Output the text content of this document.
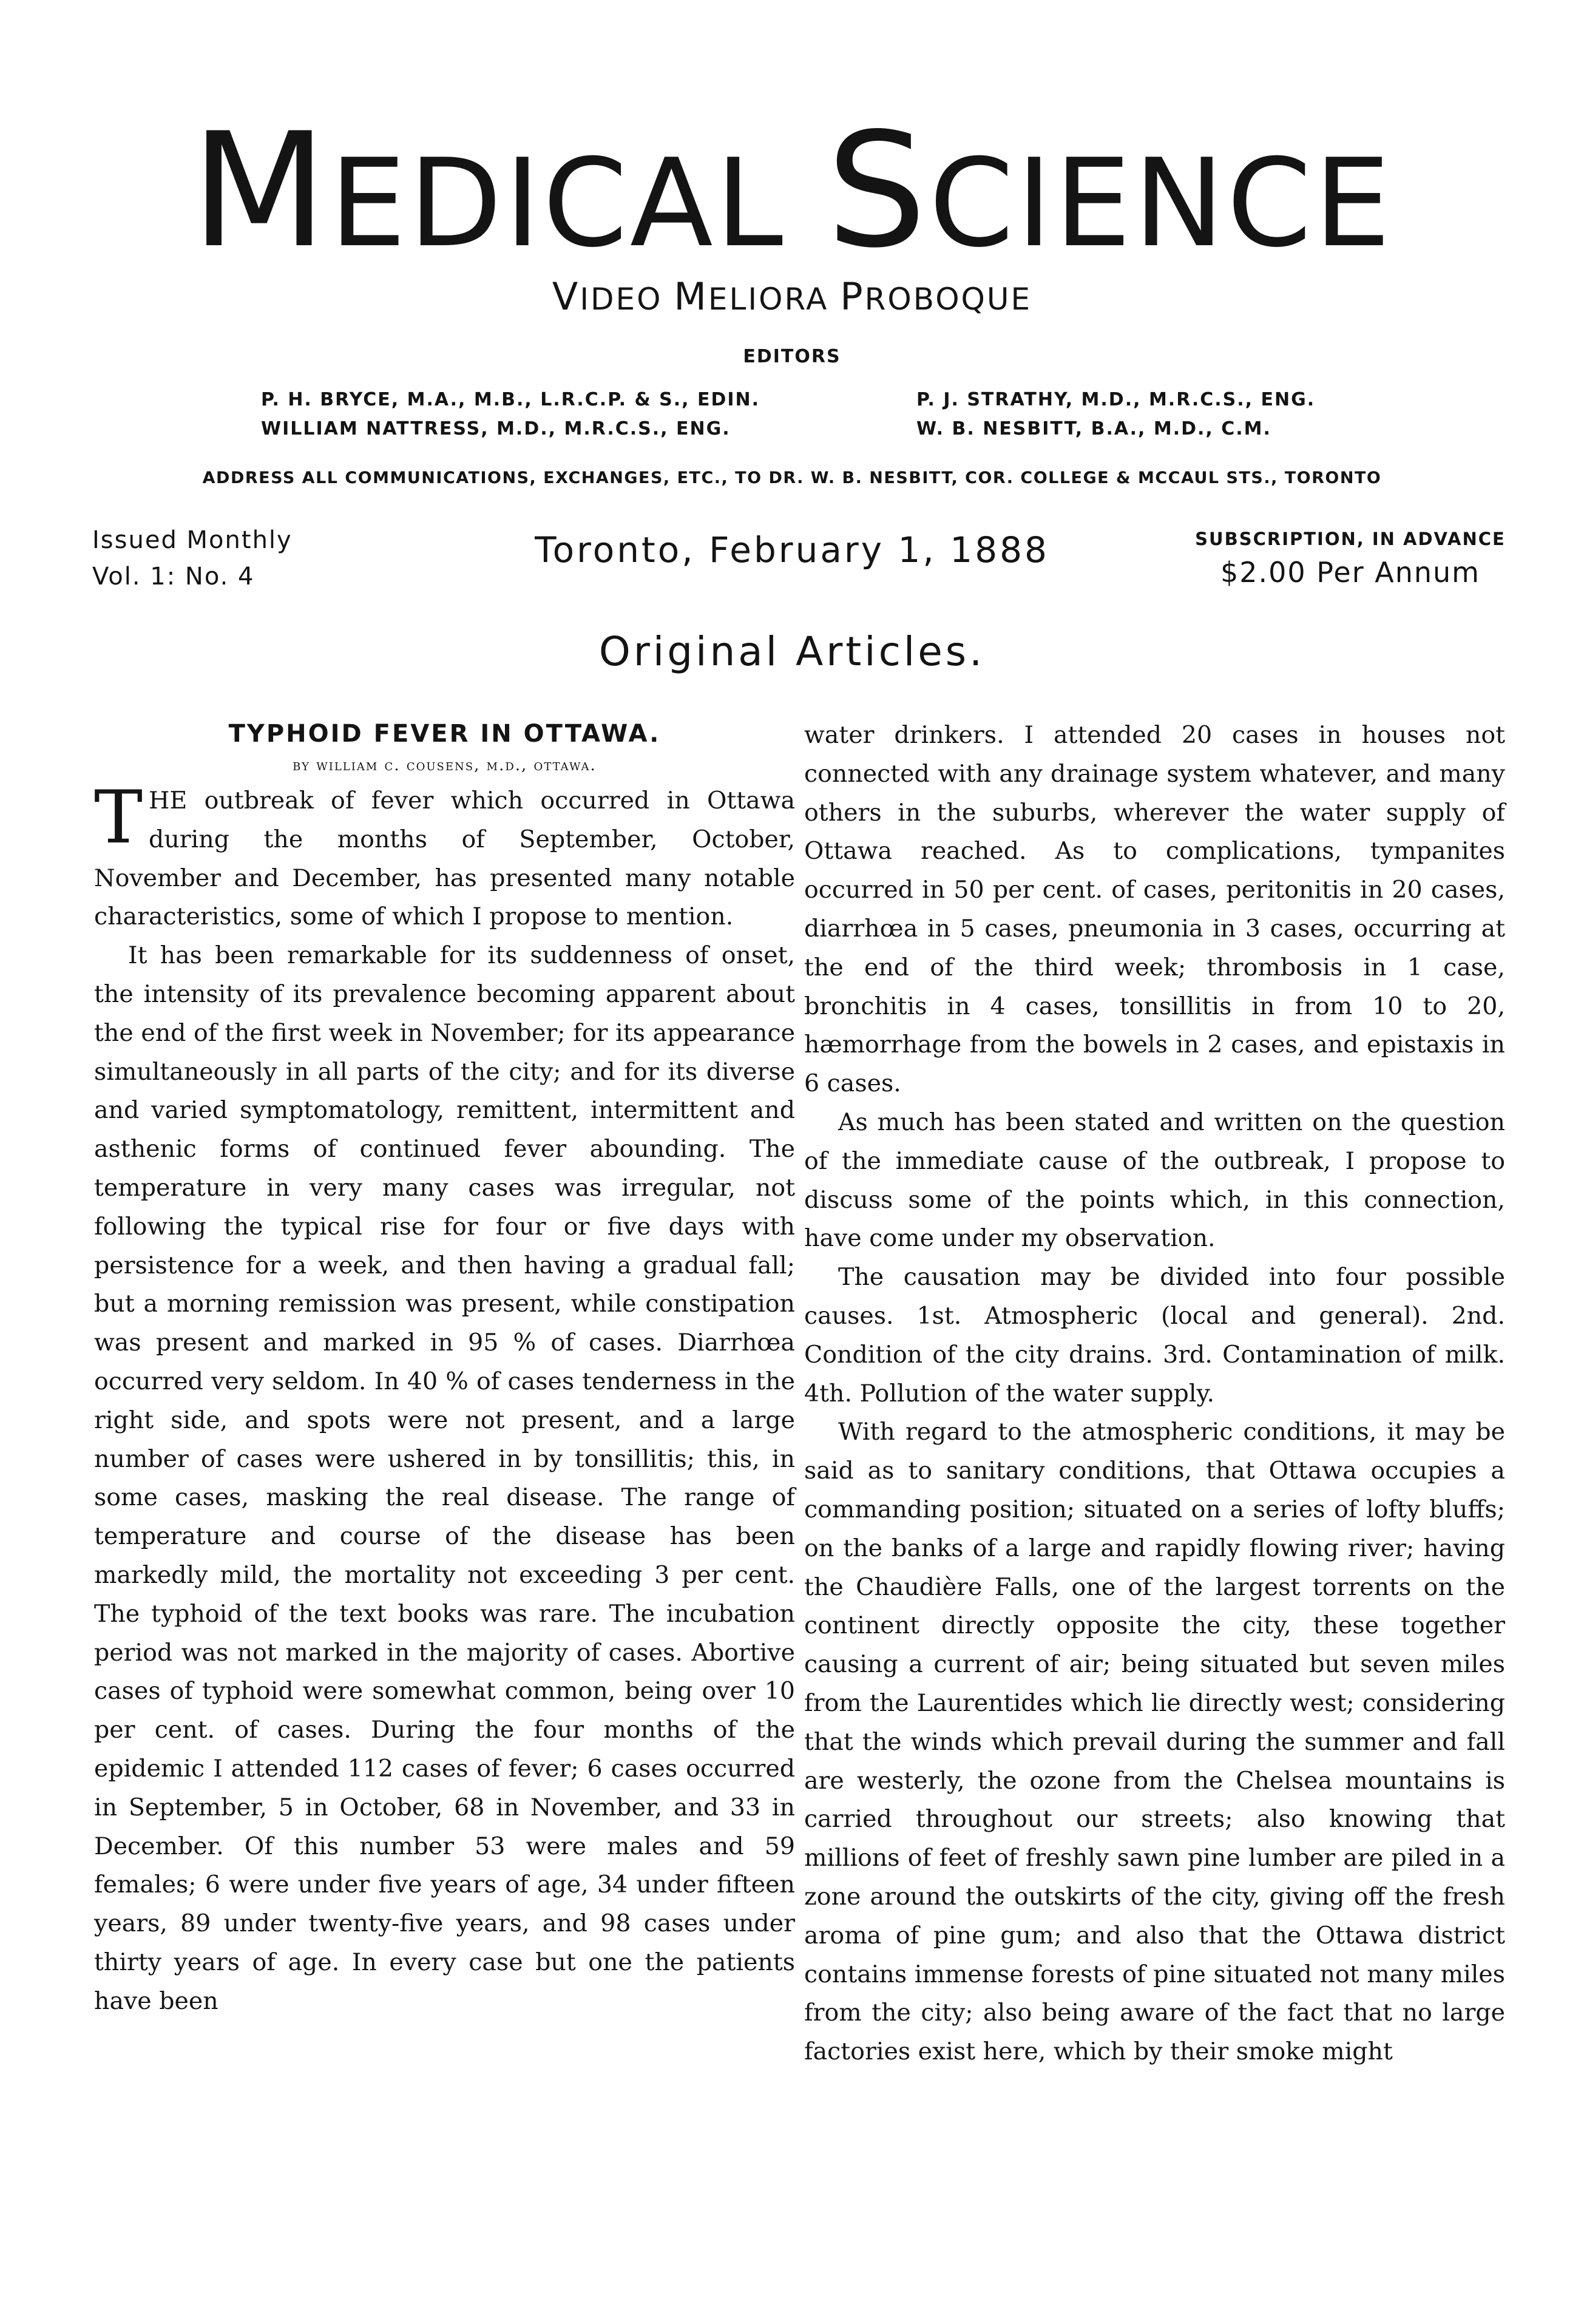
MEDICAL SCIENCE
VIDEO MELIORA PROBOQUE
EDITORS
P. H. BRYCE, M.A., M.B., L.R.C.P. & S., EDIN.
WILLIAM NATTRESS, M.D., M.R.C.S., ENG.
P. J. STRATHY, M.D., M.R.C.S., ENG.
W. B. NESBITT, B.A., M.D., C.M.
ADDRESS ALL COMMUNICATIONS, EXCHANGES, ETC., TO DR. W. B. NESBITT, COR. COLLEGE & MCCAUL STS., TORONTO
Issued Monthly
Vol. 1: No. 4
Toronto, February 1, 1888	SUBSCRIPTION, IN ADVANCE
$2.00 Per Annum
Original Articles.
TYPHOID FEVER IN OTTAWA.
by william c. cousens, m.d., ottawa.

THE outbreak of fever which occurred in Ottawa during the months of September, October, November and December, has presented many notable characteristics, some of which I propose to mention.

It has been remarkable for its suddenness of onset, the intensity of its prevalence becoming apparent about the end of the first week in November; for its appearance simultaneously in all parts of the city; and for its diverse and varied symptomatology, remittent, intermittent and asthenic forms of continued fever abounding. The temperature in very many cases was irregular, not following the typical rise for four or five days with persistence for a week, and then having a gradual fall; but a morning remission was present, while constipation was present and marked in 95 % of cases. Diarrhœa occurred very seldom. In 40 % of cases tenderness in the right side, and spots were not present, and a large number of cases were ushered in by tonsillitis; this, in some cases, masking the real disease. The range of temperature and course of the disease has been markedly mild, the mortality not exceeding 3 per cent. The typhoid of the text books was rare. The incubation period was not marked in the majority of cases. Abortive cases of typhoid were somewhat common, being over 10 per cent. of cases. During the four months of the epidemic I attended 112 cases of fever; 6 cases occurred in September, 5 in October, 68 in November, and 33 in December. Of this number 53 were males and 59 females; 6 were under five years of age, 34 under fifteen years, 89 under twenty-five years, and 98 cases under thirty years of age. In every case but one the patients have been

water drinkers. I attended 20 cases in houses not connected with any drainage system whatever, and many others in the suburbs, wherever the water supply of Ottawa reached. As to complications, tympanites occurred in 50 per cent. of cases, peritonitis in 20 cases, diarrhœa in 5 cases, pneumonia in 3 cases, occurring at the end of the third week; thrombosis in 1 case, bronchitis in 4 cases, tonsillitis in from 10 to 20, hæmorrhage from the bowels in 2 cases, and epistaxis in 6 cases.

As much has been stated and written on the question of the immediate cause of the outbreak, I propose to discuss some of the points which, in this connection, have come under my observation.

The causation may be divided into four possible causes. 1st. Atmospheric (local and general). 2nd. Condition of the city drains. 3rd. Contamination of milk. 4th. Pollution of the water supply.

With regard to the atmospheric conditions, it may be said as to sanitary conditions, that Ottawa occupies a commanding position; situated on a series of lofty bluffs; on the banks of a large and rapidly flowing river; having the Chaudière Falls, one of the largest torrents on the continent directly opposite the city, these together causing a current of air; being situated but seven miles from the Laurentides which lie directly west; considering that the winds which prevail during the summer and fall are westerly, the ozone from the Chelsea mountains is carried throughout our streets; also knowing that millions of feet of freshly sawn pine lumber are piled in a zone around the outskirts of the city, giving off the fresh aroma of pine gum; and also that the Ottawa district contains immense forests of pine situated not many miles from the city; also being aware of the fact that no large factories exist here, which by their smoke might
